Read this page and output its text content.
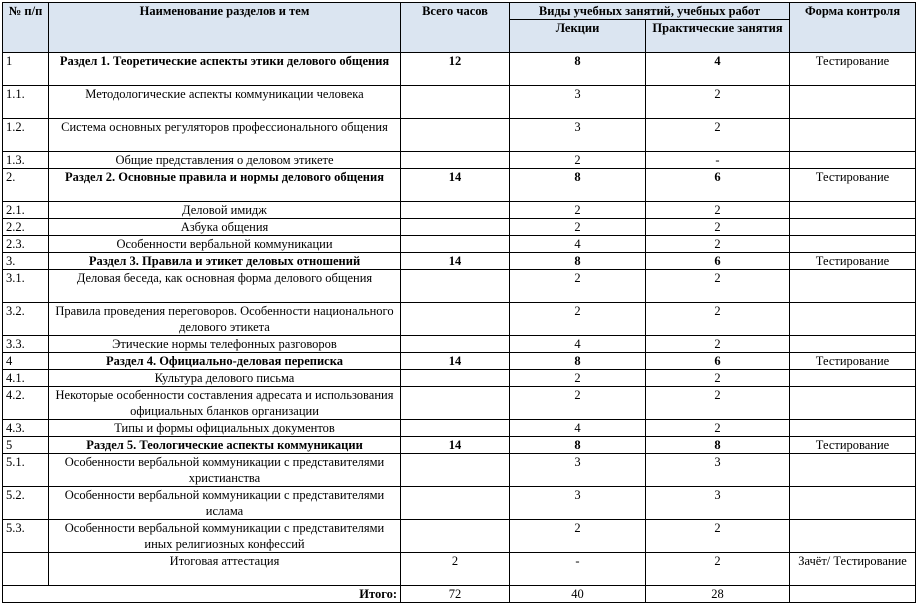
№ п/п	Наименование разделов и тем	Всего часов	Виды учебных занятий, учебных работ		Форма контроля
			Лекции	Практические занятия	
1	Раздел 1. Теоретические аспекты этики делового общения	12	8	4	Тестирование
1.1.	Методологические аспекты коммуникации человека		3	2	
1.2.	Система основных регуляторов профессионального общения		3	2	
1.3.	Общие представления о деловом этикете		2	-	
2.	Раздел 2. Основные правила и нормы делового общения	14	8	6	Тестирование
2.1.	Деловой имидж		2	2	
2.2.	Азбука общения		2	2	
2.3.	Особенности вербальной коммуникации		4	2	
3.	Раздел 3. Правила и этикет деловых отношений	14	8	6	Тестирование
3.1.	Деловая беседа, как основная форма делового общения		2	2	
3.2.	Правила проведения переговоров. Особенности национального делового этикета		2	2	
3.3.	Этические нормы телефонных разговоров		4	2	
4	Раздел 4. Официально-деловая переписка	14	8	6	Тестирование
4.1.	Культура делового письма		2	2	
4.2.	Некоторые особенности составления адресата и использования официальных бланков организации		2	2	
4.3.	Типы и формы официальных документов		4	2	
5	Раздел 5. Теологические аспекты коммуникации	14	8	8	Тестирование
5.1.	Особенности вербальной коммуникации с представителями христианства		3	3	
5.2.	Особенности вербальной коммуникации с представителями ислама		3	3	
5.3.	Особенности вербальной коммуникации с представителями иных религиозных конфессий		2	2	
	Итоговая аттестация	2	-	2	Зачёт/ Тестирование
Итого:		72	40	28	
